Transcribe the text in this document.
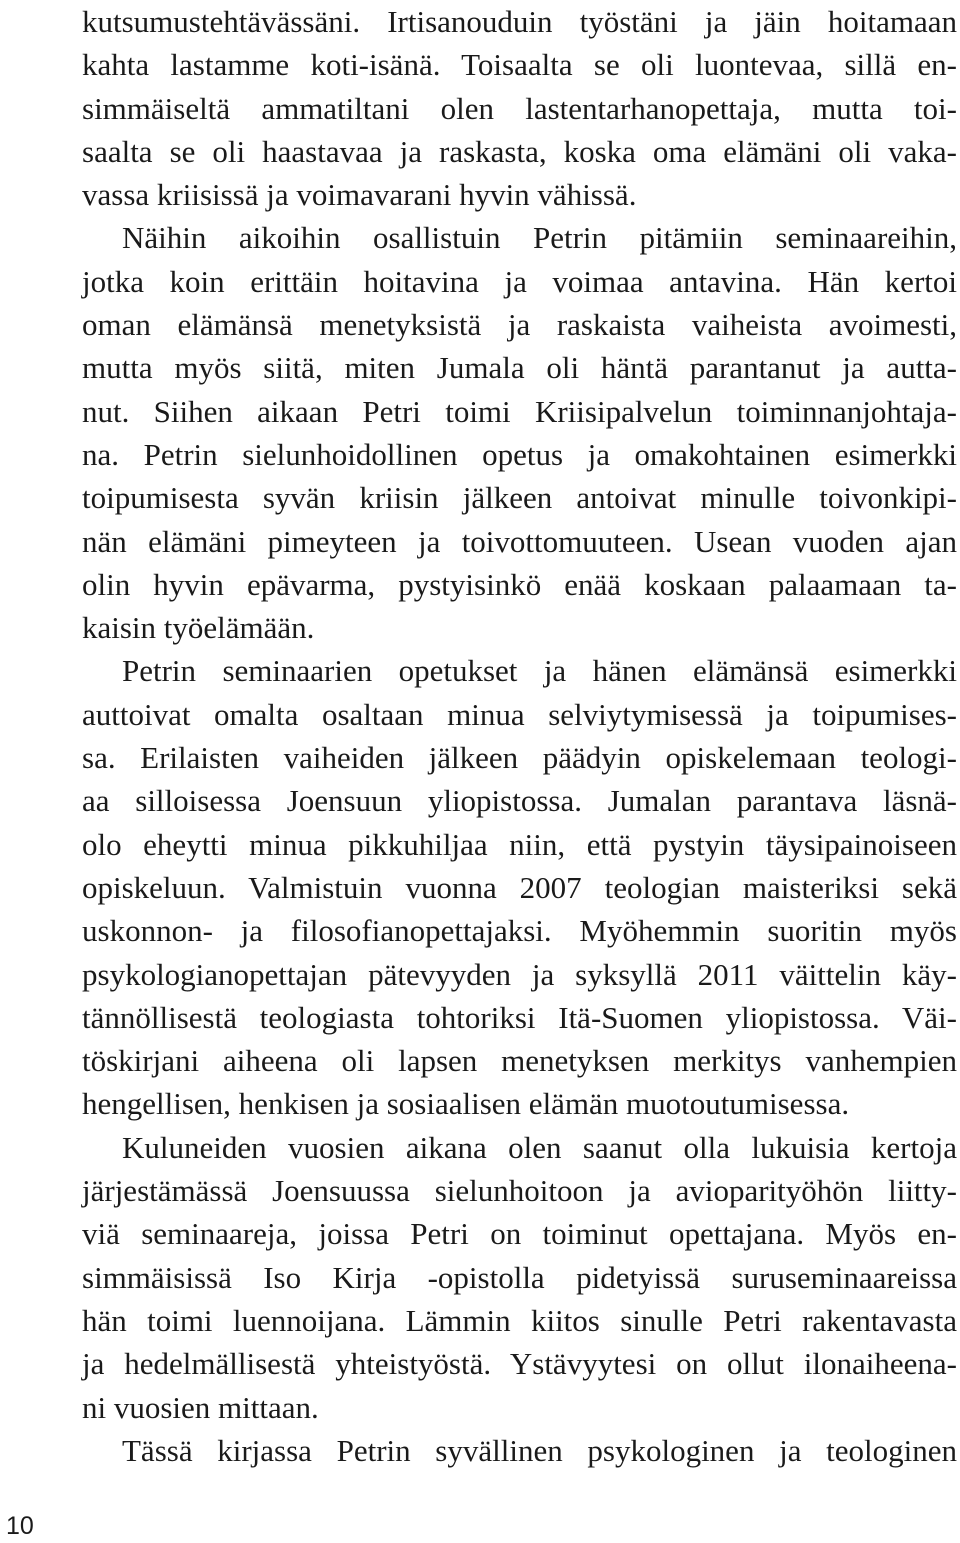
kutsumustehtävässäni. Irtisanouduin työstäni ja jäin hoitamaan
kahta lastamme koti-isänä. Toisaalta se oli luontevaa, sillä en-
simmäiseltä ammatiltani olen lastentarhanopettaja, mutta toi-
saalta se oli haastavaa ja raskasta, koska oma elämäni oli vaka-
vassa kriisissä ja voimavarani hyvin vähissä.
Näihin aikoihin osallistuin Petrin pitämiin seminaareihin,
jotka koin erittäin hoitavina ja voimaa antavina. Hän kertoi
oman elämänsä menetyksistä ja raskaista vaiheista avoimesti,
mutta myös siitä, miten Jumala oli häntä parantanut ja autta-
nut. Siihen aikaan Petri toimi Kriisipalvelun toiminnanjohtaja-
na. Petrin sielunhoidollinen opetus ja omakohtainen esimerkki
toipumisesta syvän kriisin jälkeen antoivat minulle toivonkipi-
nän elämäni pimeyteen ja toivottomuuteen. Usean vuoden ajan
olin hyvin epävarma, pystyisinkö enää koskaan palaamaan ta-
kaisin työelämään.
Petrin seminaarien opetukset ja hänen elämänsä esimerkki
auttoivat omalta osaltaan minua selviytymisessä ja toipumises-
sa. Erilaisten vaiheiden jälkeen päädyin opiskelemaan teologi-
aa silloisessa Joensuun yliopistossa. Jumalan parantava läsnä-
olo eheytti minua pikkuhiljaa niin, että pystyin täysipainoiseen
opiskeluun. Valmistuin vuonna 2007 teologian maisteriksi sekä
uskonnon- ja filosofianopettajaksi. Myöhemmin suoritin myös
psykologianopettajan pätevyyden ja syksyllä 2011 väittelin käy-
tännöllisestä teologiasta tohtoriksi Itä-Suomen yliopistossa. Väi-
töskirjani aiheena oli lapsen menetyksen merkitys vanhempien
hengellisen, henkisen ja sosiaalisen elämän muotoutumisessa.
Kuluneiden vuosien aikana olen saanut olla lukuisia kertoja
järjestämässä Joensuussa sielunhoitoon ja avioparityöhön liitty-
viä seminaareja, joissa Petri on toiminut opettajana. Myös en-
simmäisissä Iso Kirja -opistolla pidetyissä suruseminaareissa
hän toimi luennoijana. Lämmin kiitos sinulle Petri rakentavasta
ja hedelmällisestä yhteistyöstä. Ystävyytesi on ollut ilonaiheena-
ni vuosien mittaan.
Tässä kirjassa Petrin syvällinen psykologinen ja teologinen
10
